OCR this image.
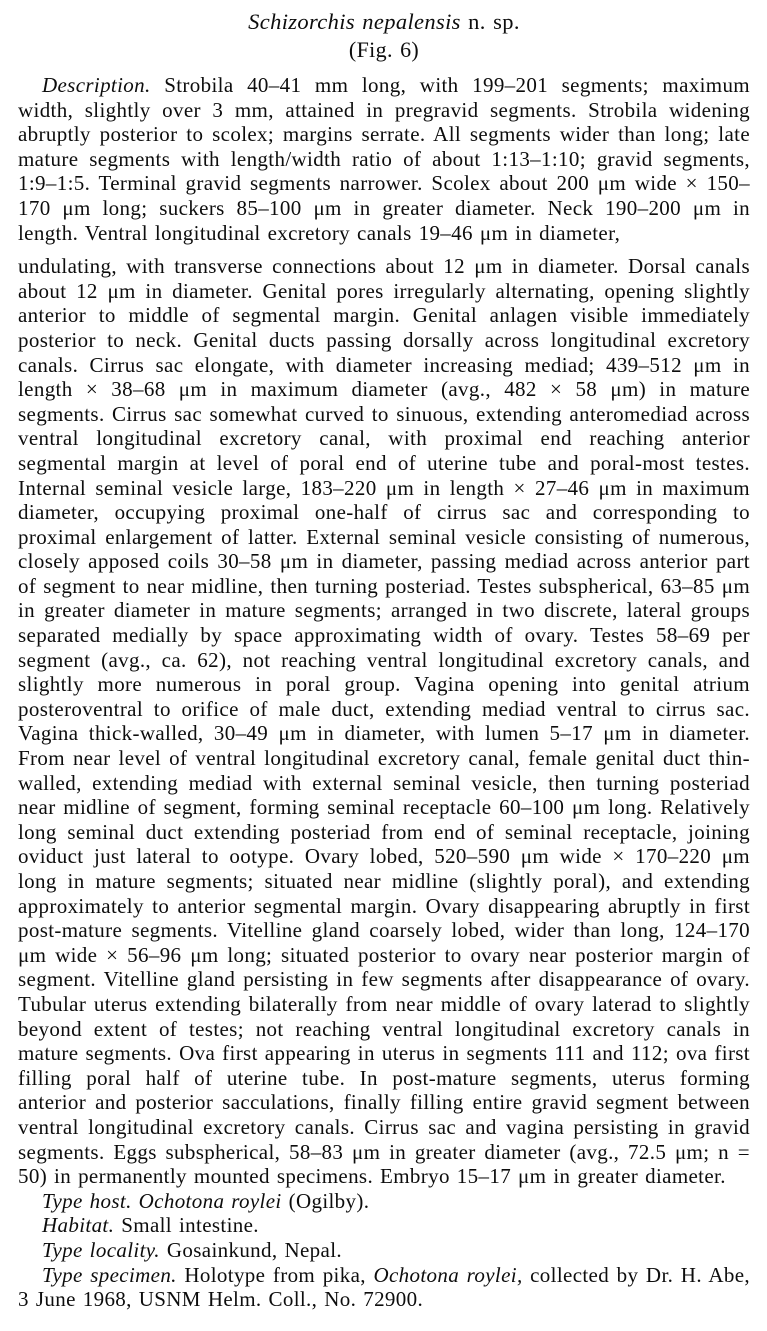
Schizorchis nepalensis n. sp.
(Fig. 6)

Description. Strobila 40–41 mm long, with 199–201 segments; maximum width, slightly over 3 mm, attained in pregravid segments. Strobila widening abruptly posterior to scolex; margins serrate. All segments wider than long; late mature segments with length/width ratio of about 1:13–1:10; gravid segments, 1:9–1:5. Terminal gravid segments narrower. Scolex about 200 μm wide × 150–170 μm long; suckers 85–100 μm in greater diameter. Neck 190–200 μm in length. Ventral longitudinal excretory canals 19–46 μm in diameter,

undulating, with transverse connections about 12 μm in diameter. Dorsal canals about 12 μm in diameter. Genital pores irregularly alternating, opening slightly anterior to middle of segmental margin. Genital anlagen visible immediately posterior to neck. Genital ducts passing dorsally across longitudinal excretory canals. Cirrus sac elongate, with diameter increasing mediad; 439–512 μm in length × 38–68 μm in maximum diameter (avg., 482 × 58 μm) in mature segments. Cirrus sac somewhat curved to sinuous, extending anteromediad across ventral longitudinal excretory canal, with proximal end reaching anterior segmental margin at level of poral end of uterine tube and poral-most testes. Internal seminal vesicle large, 183–220 μm in length × 27–46 μm in maximum diameter, occupying proximal one-half of cirrus sac and corresponding to proximal enlargement of latter. External seminal vesicle consisting of numerous, closely apposed coils 30–58 μm in diameter, passing mediad across anterior part of segment to near midline, then turning posteriad. Testes subspherical, 63–85 μm in greater diameter in mature segments; arranged in two discrete, lateral groups separated medially by space approximating width of ovary. Testes 58–69 per segment (avg., ca. 62), not reaching ventral longitudinal excretory canals, and slightly more numerous in poral group. Vagina opening into genital atrium posteroventral to orifice of male duct, extending mediad ventral to cirrus sac. Vagina thick-walled, 30–49 μm in diameter, with lumen 5–17 μm in diameter. From near level of ventral longitudinal excretory canal, female genital duct thin-walled, extending mediad with external seminal vesicle, then turning posteriad near midline of segment, forming seminal receptacle 60–100 μm long. Relatively long seminal duct extending posteriad from end of seminal receptacle, joining oviduct just lateral to ootype. Ovary lobed, 520–590 μm wide × 170–220 μm long in mature segments; situated near midline (slightly poral), and extending approximately to anterior segmental margin. Ovary disappearing abruptly in first post-mature segments. Vitelline gland coarsely lobed, wider than long, 124–170 μm wide × 56–96 μm long; situated posterior to ovary near posterior margin of segment. Vitelline gland persisting in few segments after disappearance of ovary. Tubular uterus extending bilaterally from near middle of ovary laterad to slightly beyond extent of testes; not reaching ventral longitudinal excretory canals in mature segments. Ova first appearing in uterus in segments 111 and 112; ova first filling poral half of uterine tube. In post-mature segments, uterus forming anterior and posterior sacculations, finally filling entire gravid segment between ventral longitudinal excretory canals. Cirrus sac and vagina persisting in gravid segments. Eggs subspherical, 58–83 μm in greater diameter (avg., 72.5 μm; n = 50) in permanently mounted specimens. Embryo 15–17 μm in greater diameter.

Type host. Ochotona roylei (Ogilby).

Habitat. Small intestine.

Type locality. Gosainkund, Nepal.

Type specimen. Holotype from pika, Ochotona roylei, collected by Dr. H. Abe, 3 June 1968, USNM Helm. Coll., No. 72900.
